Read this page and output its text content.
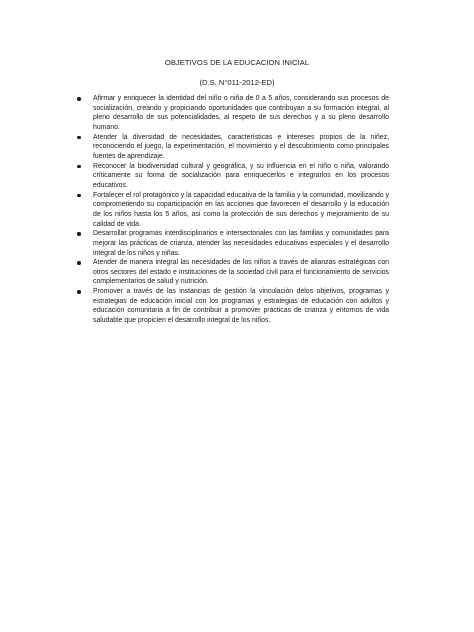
OBJETIVOS DE LA EDUCACION INICIAL
(D.S. N°011-2012-ED)
Afirmar y enriquecer la identidad del niño o niña de 0 a 5 años, considerando sus procesos de socialización, creando y propiciando oportunidades que contribuyan a su formación integral, al pleno desarrollo de sus potencialidades, al respeto de sus derechos y a su pleno desarrollo humano.
Atender la diversidad de necesidades, características e intereses propios de la niñez, reconociendo el juego, la experimentación, el movimiento y el descubrimiento como principales fuentes de aprendizaje.
Reconocer la biodiversidad cultural y geográfica, y su influencia en el niño o niña, valorando críticamente su forma de socialización para enriquecerlos e integrarlos en los procesos educativos.
Fortalecer el rol protagónico y la capacidad educativa de la familia y la comunidad, movilizando y comprometiendo su coparticipación en las acciones que favorecen el desarrollo y la educación de los niños hasta los 5 años, así como la protección de sus derechos y mejoramiento de su calidad de vida.
Desarrollar programas interdisciplinarios e intersectoriales con las familias y comunidades para mejorar las prácticas de crianza, atender las necesidades educativas especiales y el desarrollo integral de los niños y niñas.
Atender de manera integral las necesidades de los niños a través de alianzas estratégicas con otros sectores del estado e instituciones de la sociedad civil para el funcionamiento de servicios complementarios de salud y nutrición.
Promover a través de las instancias de gestión la vinculación delos objetivos, programas y estrategias de educación inicial con los programas y estrategias de educación con adultos y educación comunitaria a fin de contribuir a promover prácticas de crianza y entornos de vida saludable que propicien el desarrollo integral de los niños.
